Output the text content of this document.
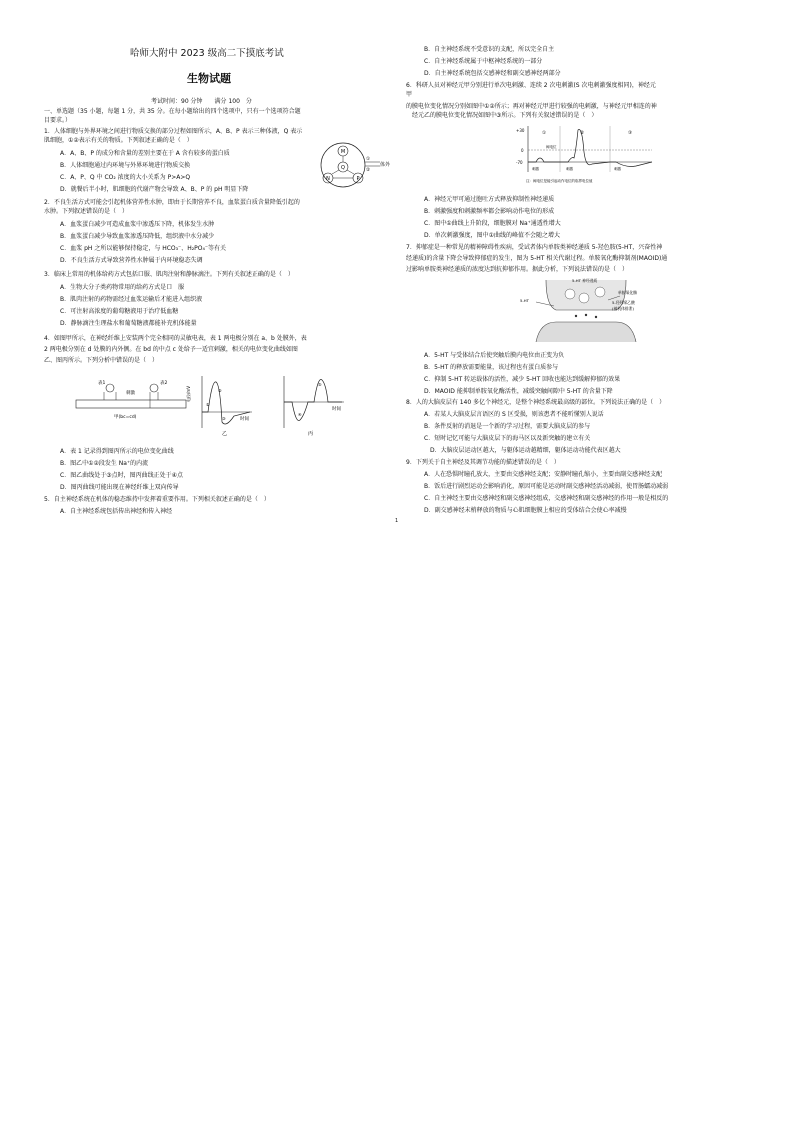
哈师大附中 2023 级高二下摸底考试
生物试题
考试时间：90 分钟　　满分 100　分
一、单选题（35 小题，每题 1 分，共 35 分。在每小题给出的四个选项中，只有一个选项符合题
目要求。）
1．人体细胞与外界环境之间进行物质交换的部分过程如图所示，A、B、P 表示三种体液，Q 表示
肌细胞，①②表示有关的物质。下列叙述正确的是（　）
A．A、B、P 的成分和含量的差别主要在于 A 含有较多的蛋白质
B．人体细胞通过内环境与外界环境进行物质交换
C．A、P、Q 中 CO₂ 浓度的大小关系为 P>A>Q
D．就餐后半小时，肌细胞的代谢产物会导致 A、B、P 的 pH 明显下降
M
Q
N	P
①
②
体外
2．不良生活方式可能会引起机体营养性水肿，即由于长期营养不良，血浆蛋白质含量降低引起的
水肿。下列叙述错误的是（　）
A．血浆蛋白减少可造成血浆中渗透压下降，机体发生水肿
B．血浆蛋白减少导致血浆渗透压降低，组织液中水分减少
C．血浆 pH 之所以能够保持稳定，与 HCO₃⁻、H₂PO₄⁻等有关
D．不良生活方式导致营养性水肿属于内环境稳态失调
3．临床上常用的机体给药方式包括口服、肌肉注射和静脉滴注。下列有关叙述正确的是（　）
A．生物大分子类药物常用的给药方式是口　服
B．肌肉注射的药物需经过血浆运输后才能进入组织液
C．可注射高浓度的葡萄糖液用于治疗低血糖
D．静脉滴注生理盐水和葡萄糖液都能补充机体能量
4．如图甲所示，在神经纤维上安装两个完全相同的灵敏电表，表 1 两电极分别在 a、b 处膜外，表
2 两电极分别在 d 处膜的内外侧。在 bd 的中点 c 处给予一适宜刺激，相关的电位变化曲线如图
乙、图丙所示。下列分析中错误的是（　）
表1	表2
刺激
甲(bc=cd)
电位/mV
时间
乙
①
②
③
时间
丙
④
⑤
A．表 1 记录得到图丙所示的电位变化曲线
B．图乙中①②段发生 Na⁺的内流
C．图乙曲线处于③点时，图丙曲线正处于④点
D．图丙曲线可能出现在神经纤维上双向传导
5．自主神经系统在机体的稳态维持中发挥着重要作用。下列相关叙述正确的是（　）
A．自主神经系统包括传出神经和传入神经
B．自主神经系统不受意识的支配，所以完全自主
C．自主神经系统属于中枢神经系统的一部分
D．自主神经系统包括交感神经和副交感神经两部分
6．科研人员对神经元甲分别进行单次电刺激、连续 2 次电刺激(S 次电刺激强度相同)，神经元
甲
的膜电位变化情况分别如图中①②所示；再对神经元甲进行较强的电刺激，与神经元甲相连的神
　经元乙的膜电位变化情况如图中③所示。下列有关叙述错误的是（　）
+30
0
-70
①	②	③
阈电位
刺激	刺激	刺激
注：阈电位是能引起动作电位的临界电位值
A．神经元甲可通过胞吐方式释放抑制性神经递质
B．刺激强度和刺激频率都会影响动作电位的形成
C．图中①曲线上升阶段，细胞膜对 Na⁺通透性增大
D．单次刺激强度，图中①曲线的峰值不会随之增大
7．抑郁症是一种常见的精神障碍性疾病，受试者体内单胺类神经递质 5-羟色胺(5-HT，兴奋性神
经递质)的含量下降会导致抑郁症的发生，图为 5-HT 相关代谢过程。单胺氧化酶抑制剂(MAOID)通
过影响单胺类神经递质的浓度达到抗抑郁作用。据此分析，下列说法错误的是（　）
5-HT 神经递质
单胺氧化酶
5-HT	5-羟吲哚乙酸
(被机体排泄)
A．5-HT 与受体结合后使突触后膜内电位由正变为负
B．5-HT 的释放需要能量，该过程也有蛋白质参与
C．抑制 5-HT 转运载体的活性，减少 5-HT 回收也能达到缓解抑郁的效果
D．MAOID 能抑制单胺氧化酶活性，减缓突触间隙中 5-HT 的含量下降
8．人的大脑皮层有 140 多亿个神经元，是整个神经系统最高级的部位。下列说法正确的是（　）
A．若某人大脑皮层言语区的 S 区受损，则该患者不能听懂别人说话
B．条件反射的消退是一个新的学习过程，需要大脑皮层的参与
C．短时记忆可能与大脑皮层下的海马区以及新突触的建立有关
　D．大脑皮层运动区越大，与躯体运动越精细，躯体运动功能代表区越大
9．下列关于自主神经及其调节功能的描述错误的是（　）
A．人在恐惧时瞳孔放大，主要由交感神经支配；安静时瞳孔缩小，主要由副交感神经支配
B．饭后进行剧烈运动会影响消化，原因可能是运动时副交感神经活动减弱，使胃肠蠕动减弱
C．自主神经主要由交感神经和副交感神经组成，交感神经和副交感神经的作用一般是相反的
D．副交感神经末梢释放的物质与心肌细胞膜上相应的受体结合会使心率减慢
1
